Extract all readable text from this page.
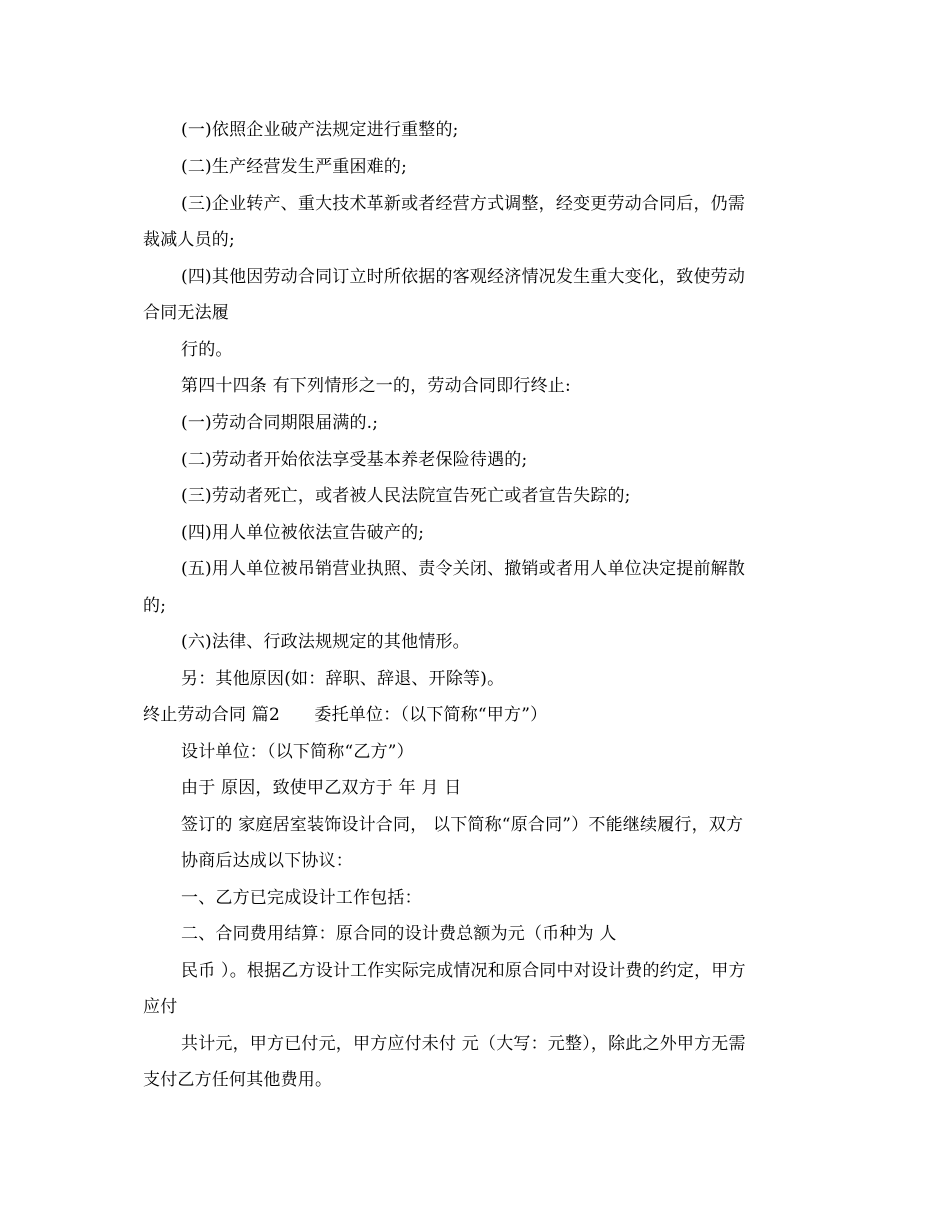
(一)依照企业破产法规定进行重整的;
(二)生产经营发生严重困难的;
(三)企业转产、重大技术革新或者经营方式调整，经变更劳动合同后，仍需
裁减人员的;
(四)其他因劳动合同订立时所依据的客观经济情况发生重大变化，致使劳动
合同无法履
行的。
第四十四条 有下列情形之一的，劳动合同即行终止:
(一)劳动合同期限届满的.;
(二)劳动者开始依法享受基本养老保险待遇的;
(三)劳动者死亡，或者被人民法院宣告死亡或者宣告失踪的;
(四)用人单位被依法宣告破产的;
(五)用人单位被吊销营业执照、责令关闭、撤销或者用人单位决定提前解散
的;
(六)法律、行政法规规定的其他情形。
另：其他原因(如：辞职、辞退、开除等)。
终止劳动合同 篇2　　委托单位：（以下简称“甲方”）
设计单位：（以下简称“乙方”）
由于 原因，致使甲乙双方于 年 月 日
签订的 家庭居室装饰设计合同， 以下简称“原合同”）不能继续履行，双方
协商后达成以下协议：
一、乙方已完成设计工作包括：
二、合同费用结算：原合同的设计费总额为元（币种为 人
民币 ）。根据乙方设计工作实际完成情况和原合同中对设计费的约定，甲方
应付
共计元，甲方已付元，甲方应付未付 元（大写：元整），除此之外甲方无需
支付乙方任何其他费用。
